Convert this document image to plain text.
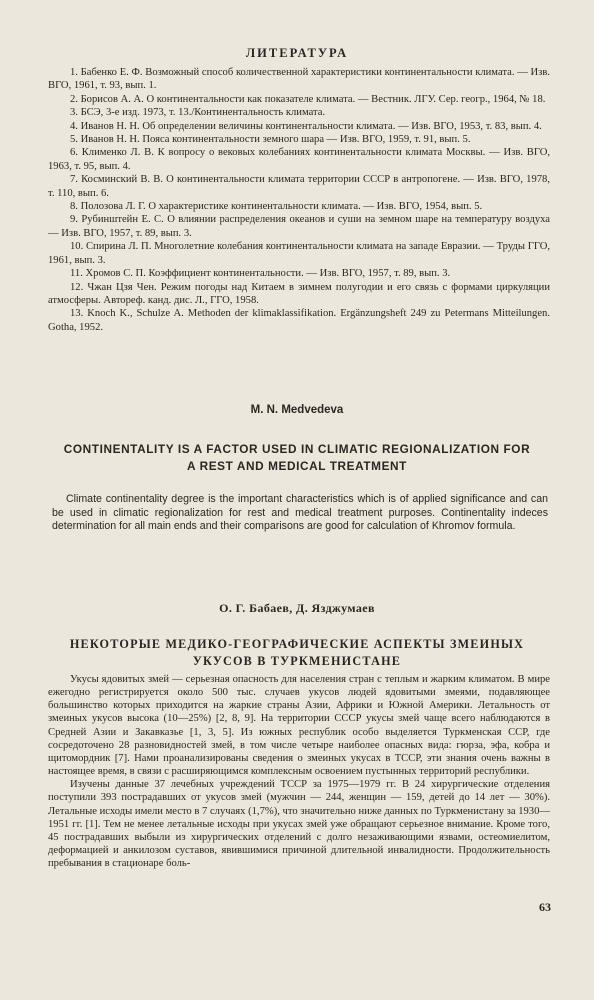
ЛИТЕРАТУРА

1. Бабенко Е. Ф. Возможный способ количественной характеристики континентальности климата. — Изв. ВГО, 1961, т. 93, вып. 1.

2. Борисов А. А. О континентальности как показателе климата. — Вестник. ЛГУ. Сер. геогр., 1964, № 18.

3. БСЭ, 3-е изд. 1973, т. 13./Континентальность климата.

4. Иванов Н. Н. Об определении величины континентальности климата. — Изв. ВГО, 1953, т. 83, вып. 4.

5. Иванов Н. Н. Пояса континентальности земного шара — Изв. ВГО, 1959, т. 91, вып. 5.

6. Клименко Л. В. К вопросу о вековых колебаниях континентальности климата Москвы. — Изв. ВГО, 1963, т. 95, вып. 4.

7. Косминский В. В. О континентальности климата территории СССР в антропогене. — Изв. ВГО, 1978, т. 110, вып. 6.

8. Полозова Л. Г. О характеристике континентальности климата. — Изв. ВГО, 1954, вып. 5.

9. Рубинштейн Е. С. О влиянии распределения океанов и суши на земном шаре на температуру воздуха — Изв. ВГО, 1957, т. 89, вып. 3.

10. Спирина Л. П. Многолетние колебания континентальности климата на западе Евразии. — Труды ГГО, 1961, вып. 3.

11. Хромов С. П. Коэффициент континентальности. — Изв. ВГО, 1957, т. 89, вып. 3.

12. Чжан Цзя Чен. Режим погоды над Китаем в зимнем полугодии и его связь с формами циркуляции атмосферы. Автореф. канд. дис. Л., ГГО, 1958.

13. Knoch K., Schulze A. Methoden der klimaklassifikation. Ergänzungsheft 249 zu Petermans Mitteilungen. Gotha, 1952.

M. N. Medvedeva
CONTINENTALITY IS A FACTOR USED IN CLIMATIC REGIONALIZATION FOR A REST AND MEDICAL TREATMENT

Climate continentality degree is the important characteristics which is of applied significance and can be used in climatic regionalization for rest and medical treatment purposes. Continentality indeces determination for all main ends and their comparisons are good for calculation of Khromov formula.

О. Г. Бабаев, Д. Язджумаев
НЕКОТОРЫЕ МЕДИКО-ГЕОГРАФИЧЕСКИЕ АСПЕКТЫ ЗМЕИНЫХ УКУСОВ В ТУРКМЕНИСТАНЕ

Укусы ядовитых змей — серьезная опасность для населения стран с теплым и жарким климатом. В мире ежегодно регистрируется около 500 тыс. случаев укусов людей ядовитыми змеями, подавляющее большинство которых приходится на жаркие страны Азии, Африки и Южной Америки. Летальность от змеиных укусов высока (10—25%) [2, 8, 9]. На территории СССР укусы змей чаще всего наблюдаются в Средней Азии и Закавказье [1, 3, 5]. Из южных республик особо выделяется Туркменская ССР, где сосредоточено 28 разновидностей змей, в том числе четыре наиболее опасных вида: гюрза, эфа, кобра и щитомордник [7]. Нами проанализированы сведения о змеиных укусах в ТССР, эти знания очень важны в настоящее время, в связи с расширяющимся комплексным освоением пустынных территорий республики.

Изучены данные 37 лечебных учреждений ТССР за 1975—1979 гг. В 24 хирургические отделения поступили 393 пострадавших от укусов змей (мужчин — 244, женщин — 159, детей до 14 лет — 30%). Летальные исходы имели место в 7 случаях (1,7%), что значительно ниже данных по Туркменистану за 1930—1951 гг. [1]. Тем не менее летальные исходы при укусах змей уже обращают серьезное внимание. Кроме того, 45 пострадавших выбыли из хирургических отделений с долго незаживающими язвами, остеомиелитом, деформацией и анкилозом суставов, явившимися причиной длительной инвалидности. Продолжительность пребывания в стационаре боль-

63
